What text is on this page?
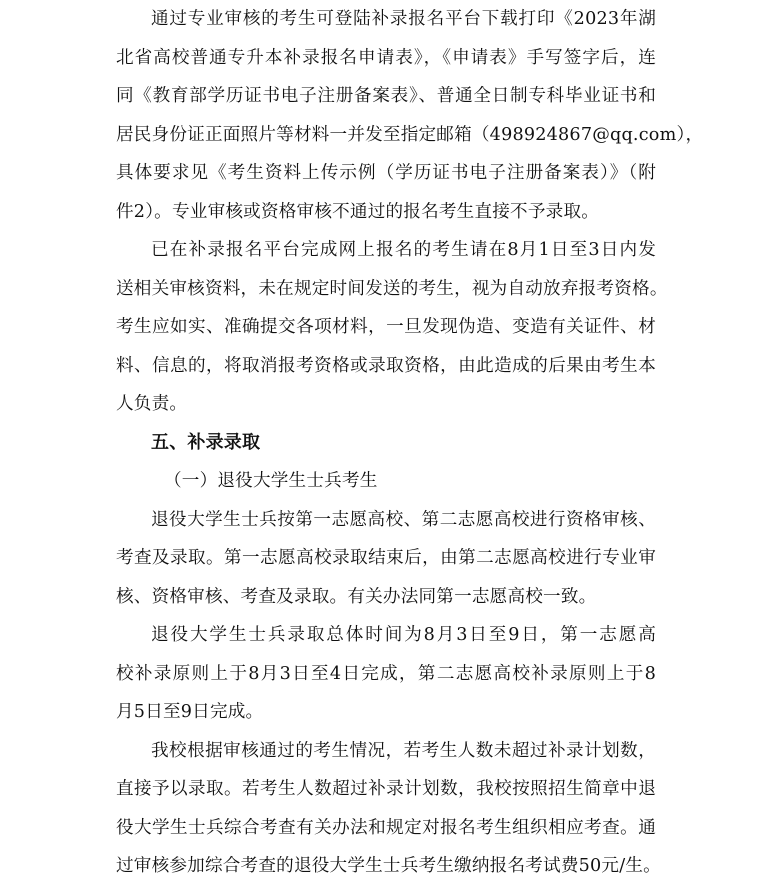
通过专业审核的考生可登陆补录报名平台下载打印《2023年湖
北省高校普通专升本补录报名申请表》，《申请表》手写签字后，连
同《教育部学历证书电子注册备案表》、普通全日制专科毕业证书和
居民身份证正面照片等材料一并发至指定邮箱（498924867@qq.com），
具体要求见《考生资料上传示例（学历证书电子注册备案表）》（附
件2）。专业审核或资格审核不通过的报名考生直接不予录取。
已在补录报名平台完成网上报名的考生请在8月1日至3日内发
送相关审核资料，未在规定时间发送的考生，视为自动放弃报考资格。
考生应如实、准确提交各项材料，一旦发现伪造、变造有关证件、材
料、信息的，将取消报考资格或录取资格，由此造成的后果由考生本
人负责。
五、补录录取
（一）退役大学生士兵考生
退役大学生士兵按第一志愿高校、第二志愿高校进行资格审核、
考查及录取。第一志愿高校录取结束后，由第二志愿高校进行专业审
核、资格审核、考查及录取。有关办法同第一志愿高校一致。
退役大学生士兵录取总体时间为8月3日至9日，第一志愿高
校补录原则上于8月3日至4日完成，第二志愿高校补录原则上于8
月5日至9日完成。
我校根据审核通过的考生情况，若考生人数未超过补录计划数，
直接予以录取。若考生人数超过补录计划数，我校按照招生简章中退
役大学生士兵综合考查有关办法和规定对报名考生组织相应考查。通
过审核参加综合考查的退役大学生士兵考生缴纳报名考试费50元/生。
